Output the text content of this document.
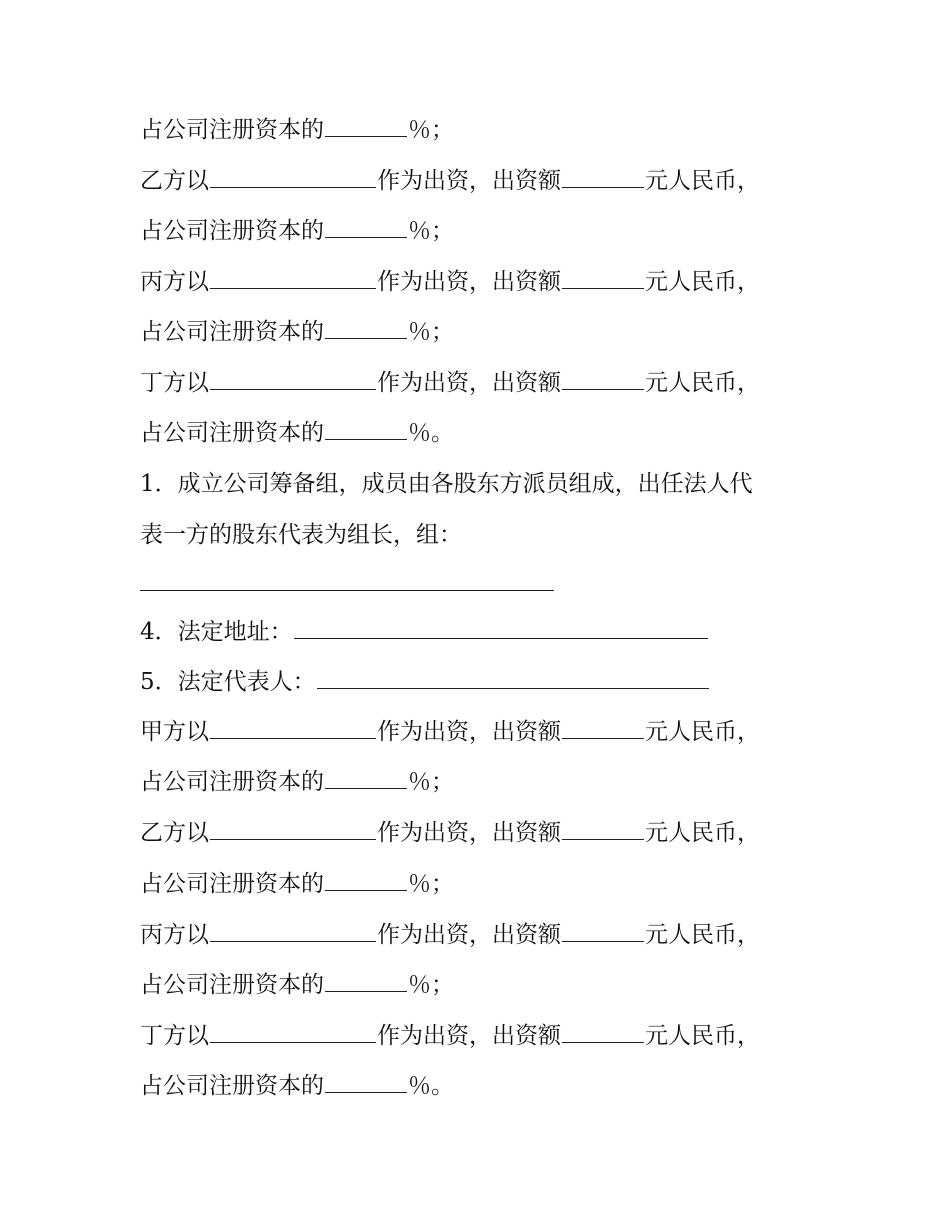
占公司注册资本的	％；
乙方以	作为出资，出资额	元人民币，
占公司注册资本的	％；
丙方以	作为出资，出资额	元人民币，
占公司注册资本的	％；
丁方以	作为出资，出资额	元人民币，
占公司注册资本的	％。
1．成立公司筹备组，成员由各股东方派员组成，出任法人代
表一方的股东代表为组长，组：
4．法定地址：
5．法定代表人：
甲方以	作为出资，出资额	元人民币，
占公司注册资本的	％；
乙方以	作为出资，出资额	元人民币，
占公司注册资本的	％；
丙方以	作为出资，出资额	元人民币，
占公司注册资本的	％；
丁方以	作为出资，出资额	元人民币，
占公司注册资本的	％。
